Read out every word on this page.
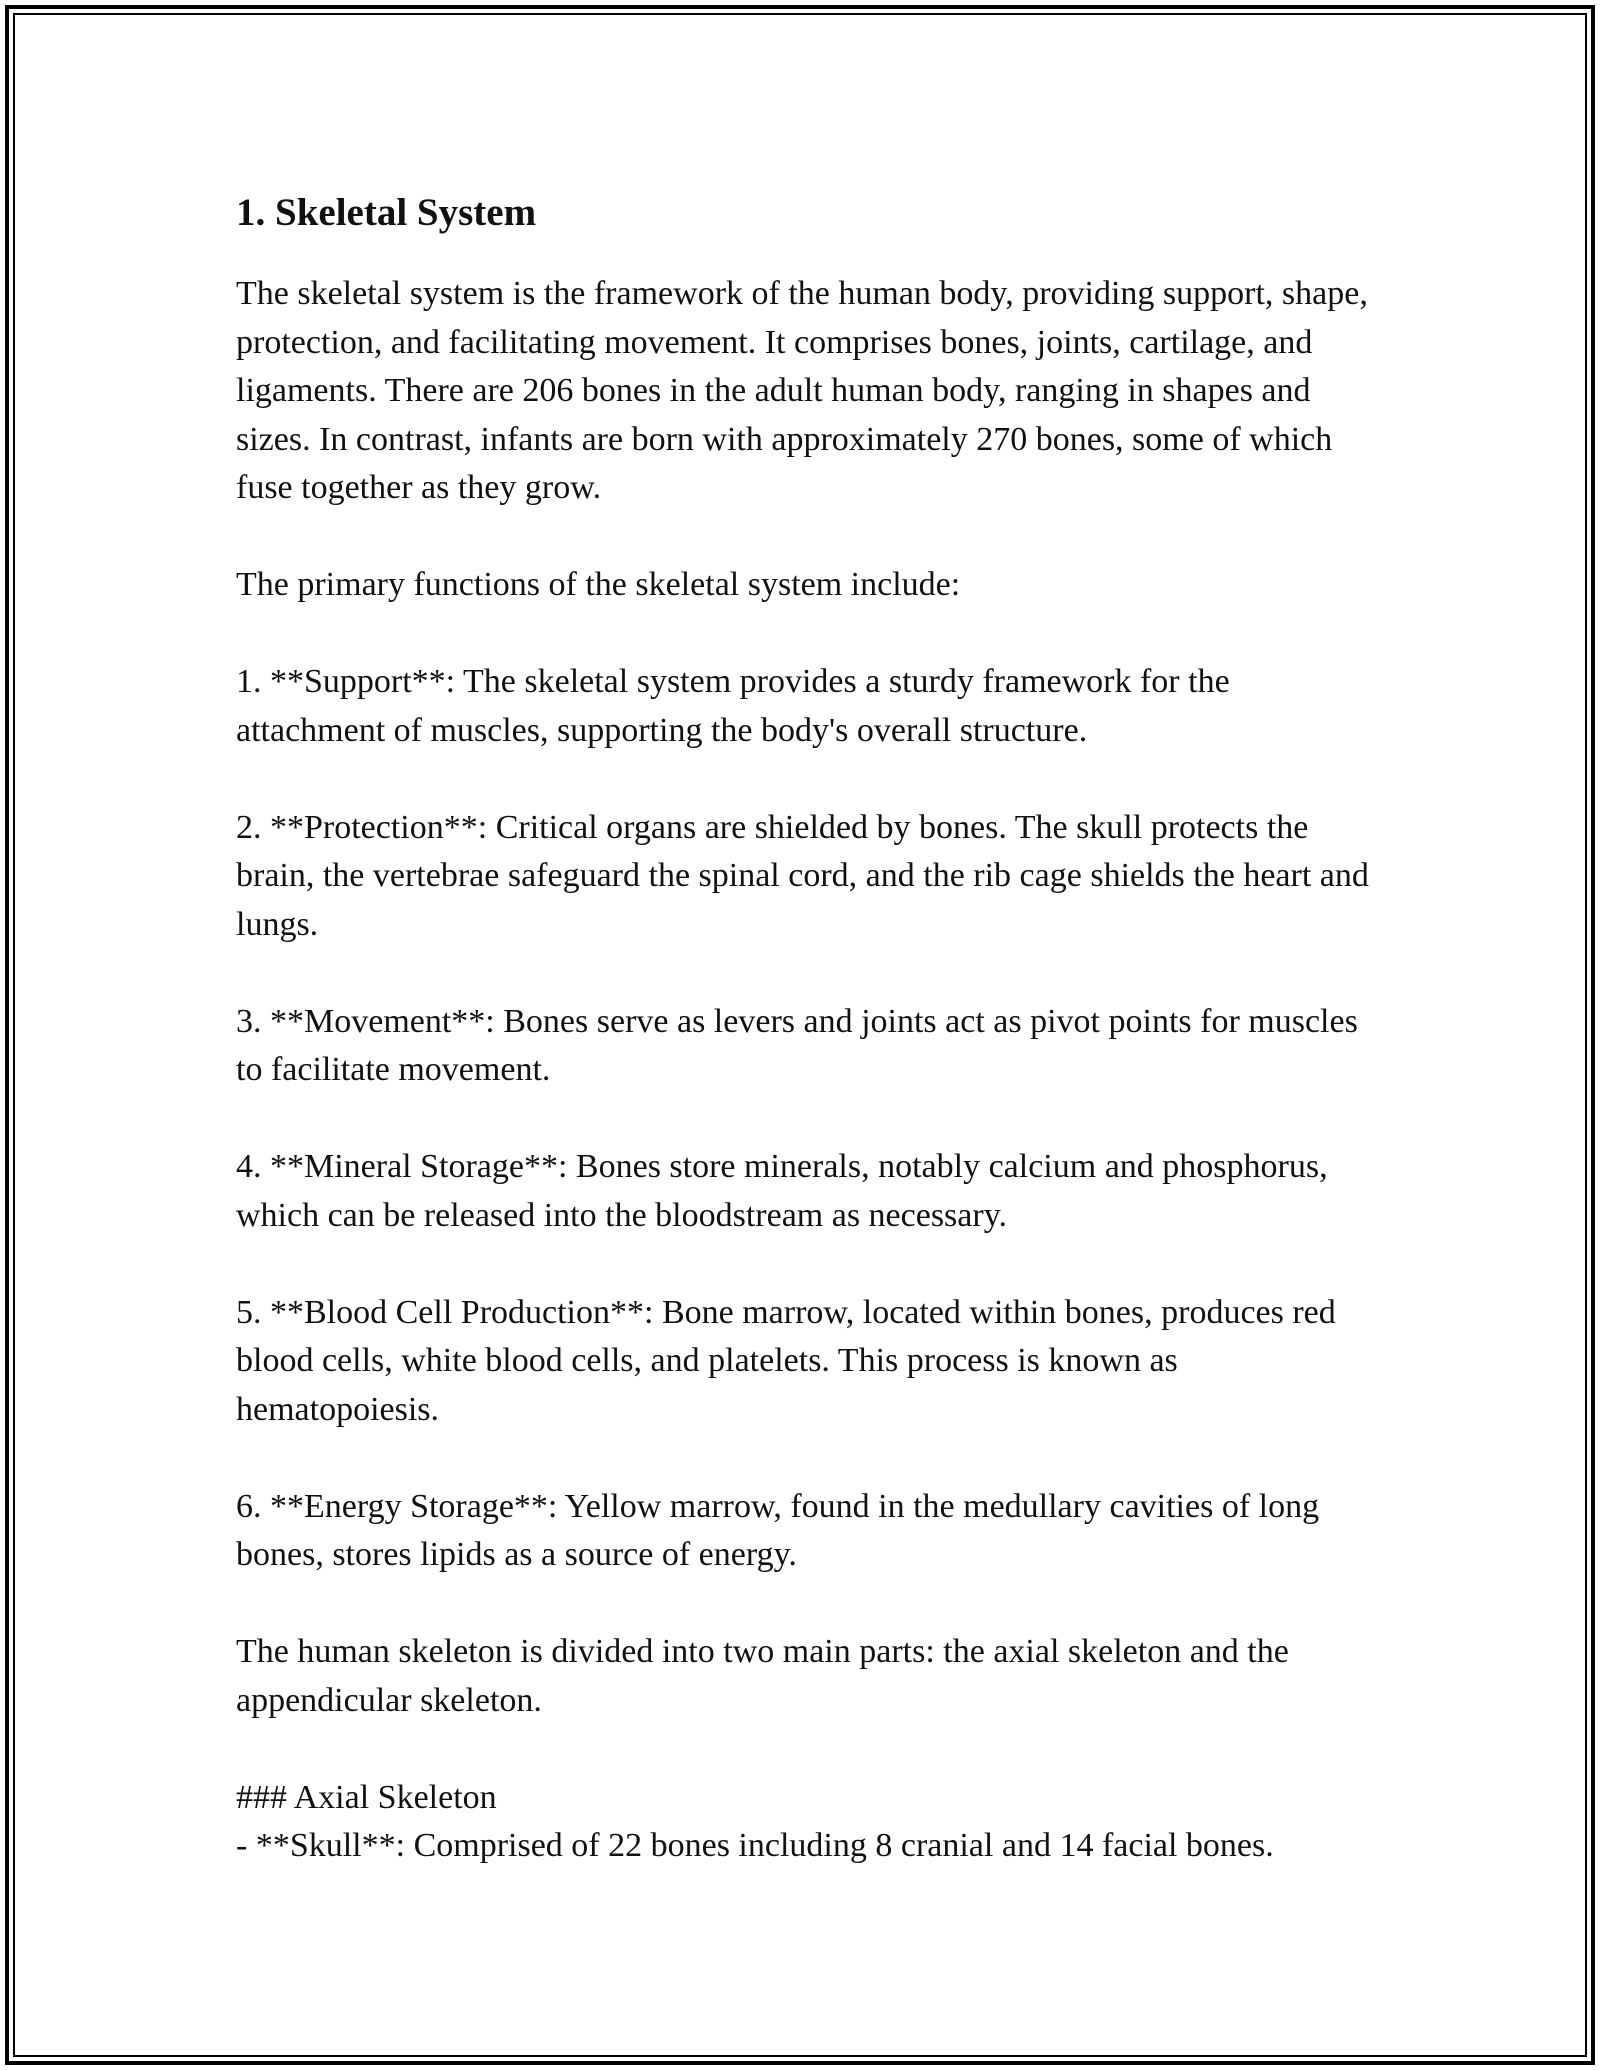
1. Skeletal System

The skeletal system is the framework of the human body, providing support, shape, protection, and facilitating movement. It comprises bones, joints, cartilage, and ligaments. There are 206 bones in the adult human body, ranging in shapes and sizes. In contrast, infants are born with approximately 270 bones, some of which fuse together as they grow.

The primary functions of the skeletal system include:

1. **Support**: The skeletal system provides a sturdy framework for the attachment of muscles, supporting the body's overall structure.

2. **Protection**: Critical organs are shielded by bones. The skull protects the brain, the vertebrae safeguard the spinal cord, and the rib cage shields the heart and lungs.

3. **Movement**: Bones serve as levers and joints act as pivot points for muscles to facilitate movement.

4. **Mineral Storage**: Bones store minerals, notably calcium and phosphorus, which can be released into the bloodstream as necessary.

5. **Blood Cell Production**: Bone marrow, located within bones, produces red blood cells, white blood cells, and platelets. This process is known as hematopoiesis.

6. **Energy Storage**: Yellow marrow, found in the medullary cavities of long bones, stores lipids as a source of energy.

The human skeleton is divided into two main parts: the axial skeleton and the appendicular skeleton.

### Axial Skeleton

- **Skull**: Comprised of 22 bones including 8 cranial and 14 facial bones.
